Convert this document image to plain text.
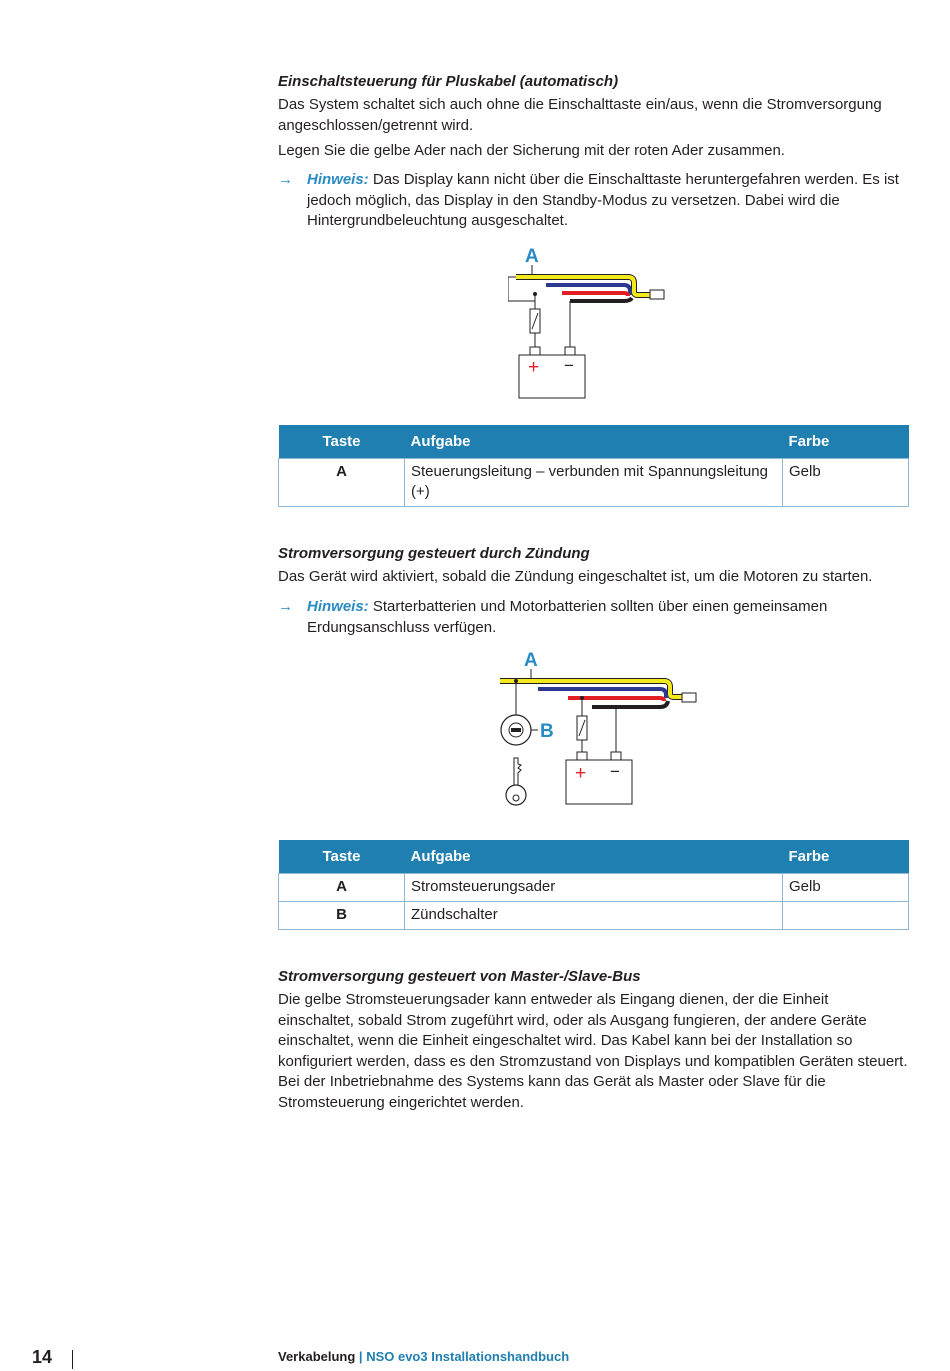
Einschaltsteuerung für Pluskabel (automatisch)

Das System schaltet sich auch ohne die Einschalttaste ein/aus, wenn die Stromversorgung angeschlossen/getrennt wird.

Legen Sie die gelbe Ader nach der Sicherung mit der roten Ader zusammen.

→ Hinweis: Das Display kann nicht über die Einschalttaste heruntergefahren werden. Es ist jedoch möglich, das Display in den Standby-Modus zu versetzen. Dabei wird die Hintergrundbeleuchtung ausgeschaltet.
A
+ −
Taste	Aufgabe	Farbe
A	Steuerungsleitung – verbunden mit Spannungsleitung (+)	Gelb
Stromversorgung gesteuert durch Zündung

Das Gerät wird aktiviert, sobald die Zündung eingeschaltet ist, um die Motoren zu starten.

→ Hinweis: Starterbatterien und Motorbatterien sollten über einen gemeinsamen Erdungsanschluss verfügen.
A
B
+ −
Taste	Aufgabe	Farbe
A	Stromsteuerungsader	Gelb
B	Zündschalter	
Stromversorgung gesteuert von Master-/Slave-Bus

Die gelbe Stromsteuerungsader kann entweder als Eingang dienen, der die Einheit einschaltet, sobald Strom zugeführt wird, oder als Ausgang fungieren, der andere Geräte einschaltet, wenn die Einheit eingeschaltet wird. Das Kabel kann bei der Installation so konfiguriert werden, dass es den Stromzustand von Displays und kompatiblen Geräten steuert. Bei der Inbetriebnahme des Systems kann das Gerät als Master oder Slave für die Stromsteuerung eingerichtet werden.

14	Verkabelung | NSO evo3 Installationshandbuch
